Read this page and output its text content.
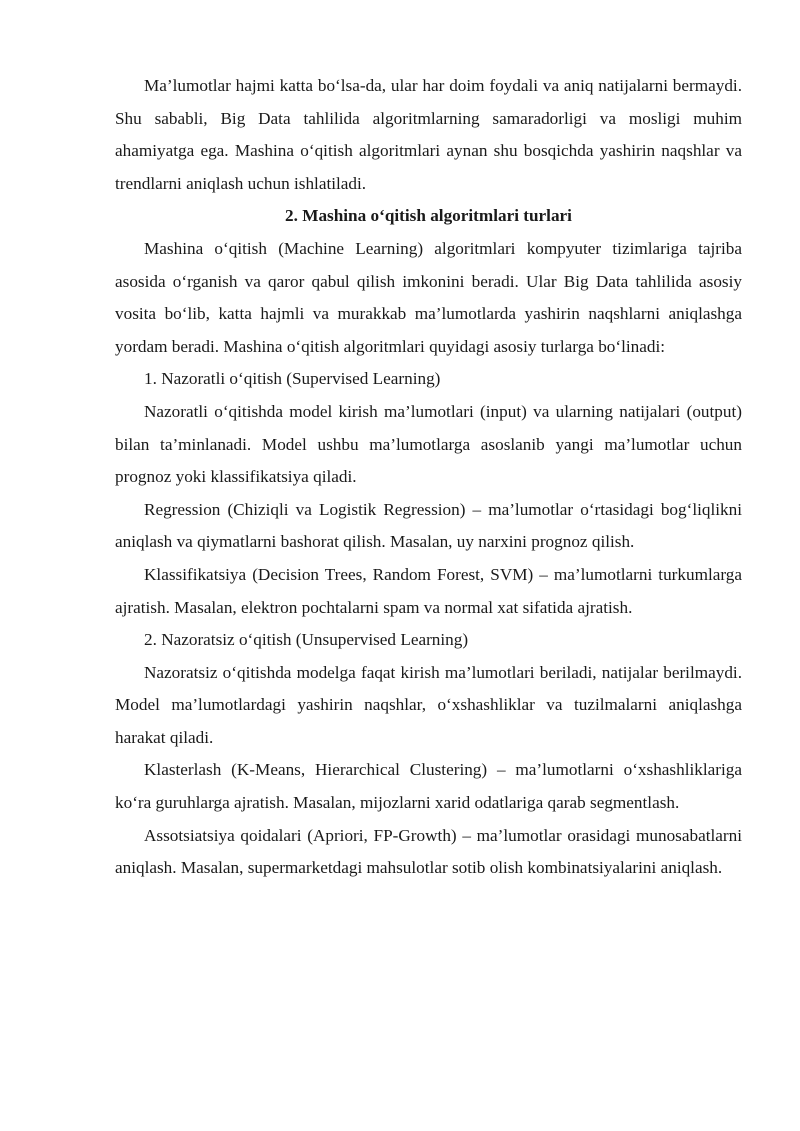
Ma’lumotlar hajmi katta bo‘lsa-da, ular har doim foydali va aniq natijalarni bermaydi. Shu sababli, Big Data tahlilida algoritmlarning samaradorligi va mosligi muhim ahamiyatga ega. Mashina o‘qitish algoritmlari aynan shu bosqichda yashirin naqshlar va trendlarni aniqlash uchun ishlatiladi.

2. Mashina o‘qitish algoritmlari turlari

Mashina o‘qitish (Machine Learning) algoritmlari kompyuter tizimlariga tajriba asosida o‘rganish va qaror qabul qilish imkonini beradi. Ular Big Data tahlilida asosiy vosita bo‘lib, katta hajmli va murakkab ma’lumotlarda yashirin naqshlarni aniqlashga yordam beradi. Mashina o‘qitish algoritmlari quyidagi asosiy turlarga bo‘linadi:

1. Nazoratli o‘qitish (Supervised Learning)

Nazoratli o‘qitishda model kirish ma’lumotlari (input) va ularning natijalari (output) bilan ta’minlanadi. Model ushbu ma’lumotlarga asoslanib yangi ma’lumotlar uchun prognoz yoki klassifikatsiya qiladi.

Regression (Chiziqli va Logistik Regression) – ma’lumotlar o‘rtasidagi bog‘liqlikni aniqlash va qiymatlarni bashorat qilish. Masalan, uy narxini prognoz qilish.

Klassifikatsiya (Decision Trees, Random Forest, SVM) – ma’lumotlarni turkumlarga ajratish. Masalan, elektron pochtalarni spam va normal xat sifatida ajratish.

2. Nazoratsiz o‘qitish (Unsupervised Learning)

Nazoratsiz o‘qitishda modelga faqat kirish ma’lumotlari beriladi, natijalar berilmaydi. Model ma’lumotlardagi yashirin naqshlar, o‘xshashliklar va tuzilmalarni aniqlashga harakat qiladi.

Klasterlash (K-Means, Hierarchical Clustering) – ma’lumotlarni o‘xshashliklariga ko‘ra guruhlarga ajratish. Masalan, mijozlarni xarid odatlariga qarab segmentlash.

Assotsiatsiya qoidalari (Apriori, FP-Growth) – ma’lumotlar orasidagi munosabatlarni aniqlash. Masalan, supermarketdagi mahsulotlar sotib olish kombinatsiyalarini aniqlash.
